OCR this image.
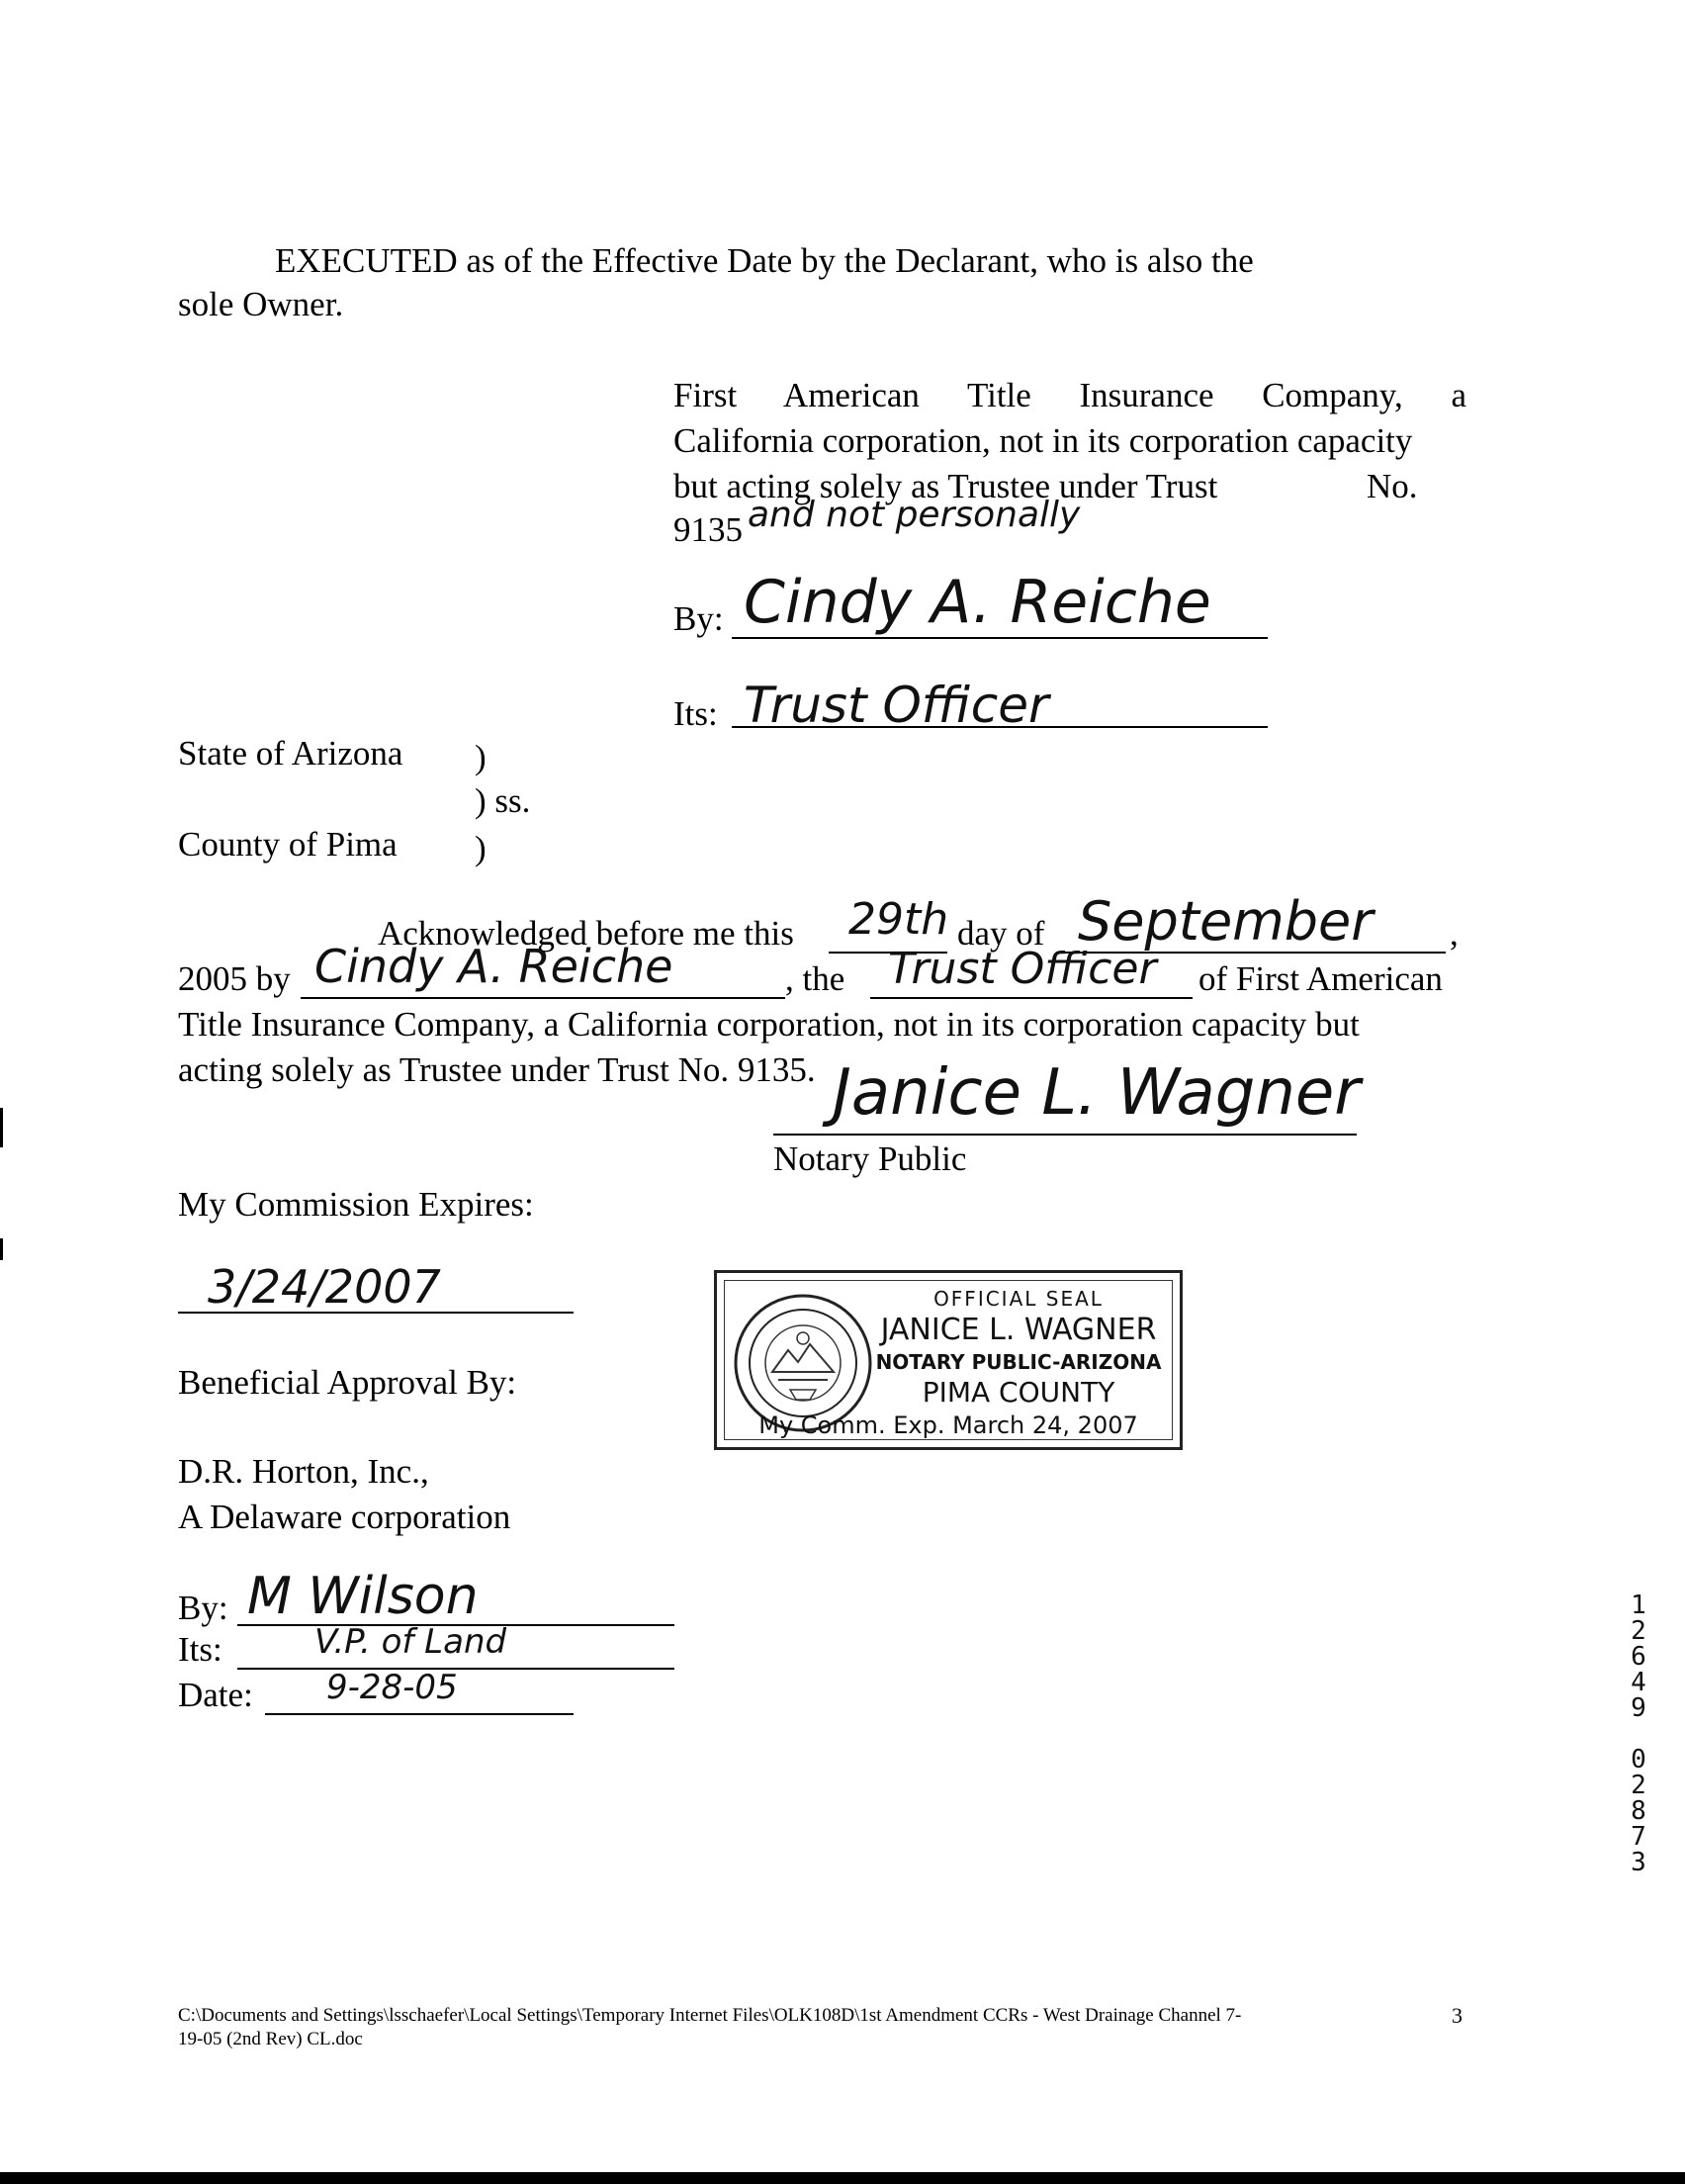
EXECUTED as of the Effective Date by the Declarant, who is also the
sole Owner.
First American Title Insurance Company, a
California corporation, not in its corporation capacity
but acting solely as Trustee under Trust	No.
9135 and not personally
By: Cindy A. Reiche
Its: Trust Officer
State of Arizona )
) ss.
County of Pima )
Acknowledged before me this 29th day of September ,
2005 by Cindy A. Reiche	, the Trust Officer of First American
Title Insurance Company, a California corporation, not in its corporation capacity but
acting solely as Trustee under Trust No. 9135. Janice L. Wagner
Notary Public
My Commission Expires:
3/24/2007	OFFICIAL SEAL
JANICE L. WAGNER
NOTARY PUBLIC-ARIZONA
PIMA COUNTY
My Comm. Exp. March 24, 2007
Beneficial Approval By:
D.R. Horton, Inc.,
A Delaware corporation
By: M Wilson
Its:	V.P. of Land
Date: 9-28-05
1
2
6
4
9

0
2
8
7
3
C:\Documents and Settings\lsschaefer\Local Settings\Temporary Internet Files\OLK108D\1st Amendment CCRs - West Drainage Channel 7-
19-05 (2nd Rev) CL.doc
3
